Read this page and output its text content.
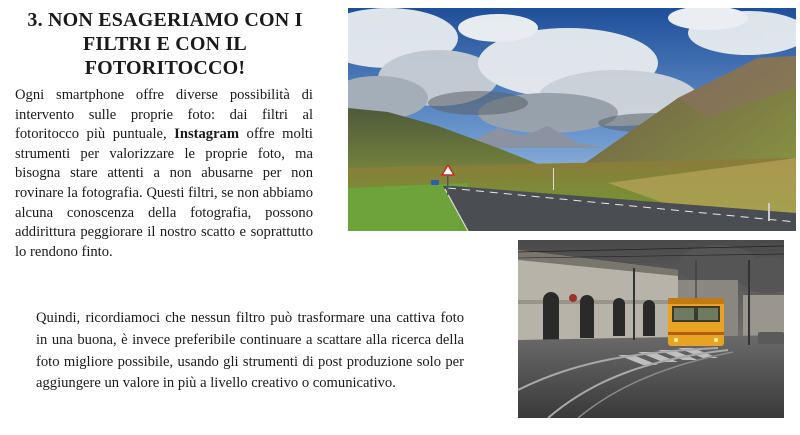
3. NON ESAGERIAMO CON I FILTRI E CON IL FOTORITOCCO!

Ogni smartphone offre diverse possibilità di intervento sulle proprie foto: dai filtri al fotoritocco più puntuale, Instagram offre molti strumenti per valorizzare le proprie foto, ma bisogna stare attenti a non abusarne per non rovinare la fotografia. Questi filtri, se non abbiamo alcuna conoscenza della fotografia, possono addirittura peggiorare il nostro scatto e soprattutto lo rendono finto.

Quindi, ricordiamoci che nessun filtro può trasformare una cattiva foto in una buona, è invece preferibile continuare a scattare alla ricerca della foto migliore possibile, usando gli strumenti di post produzione solo per aggiungere un valore in più a livello creativo o comunicativo.
